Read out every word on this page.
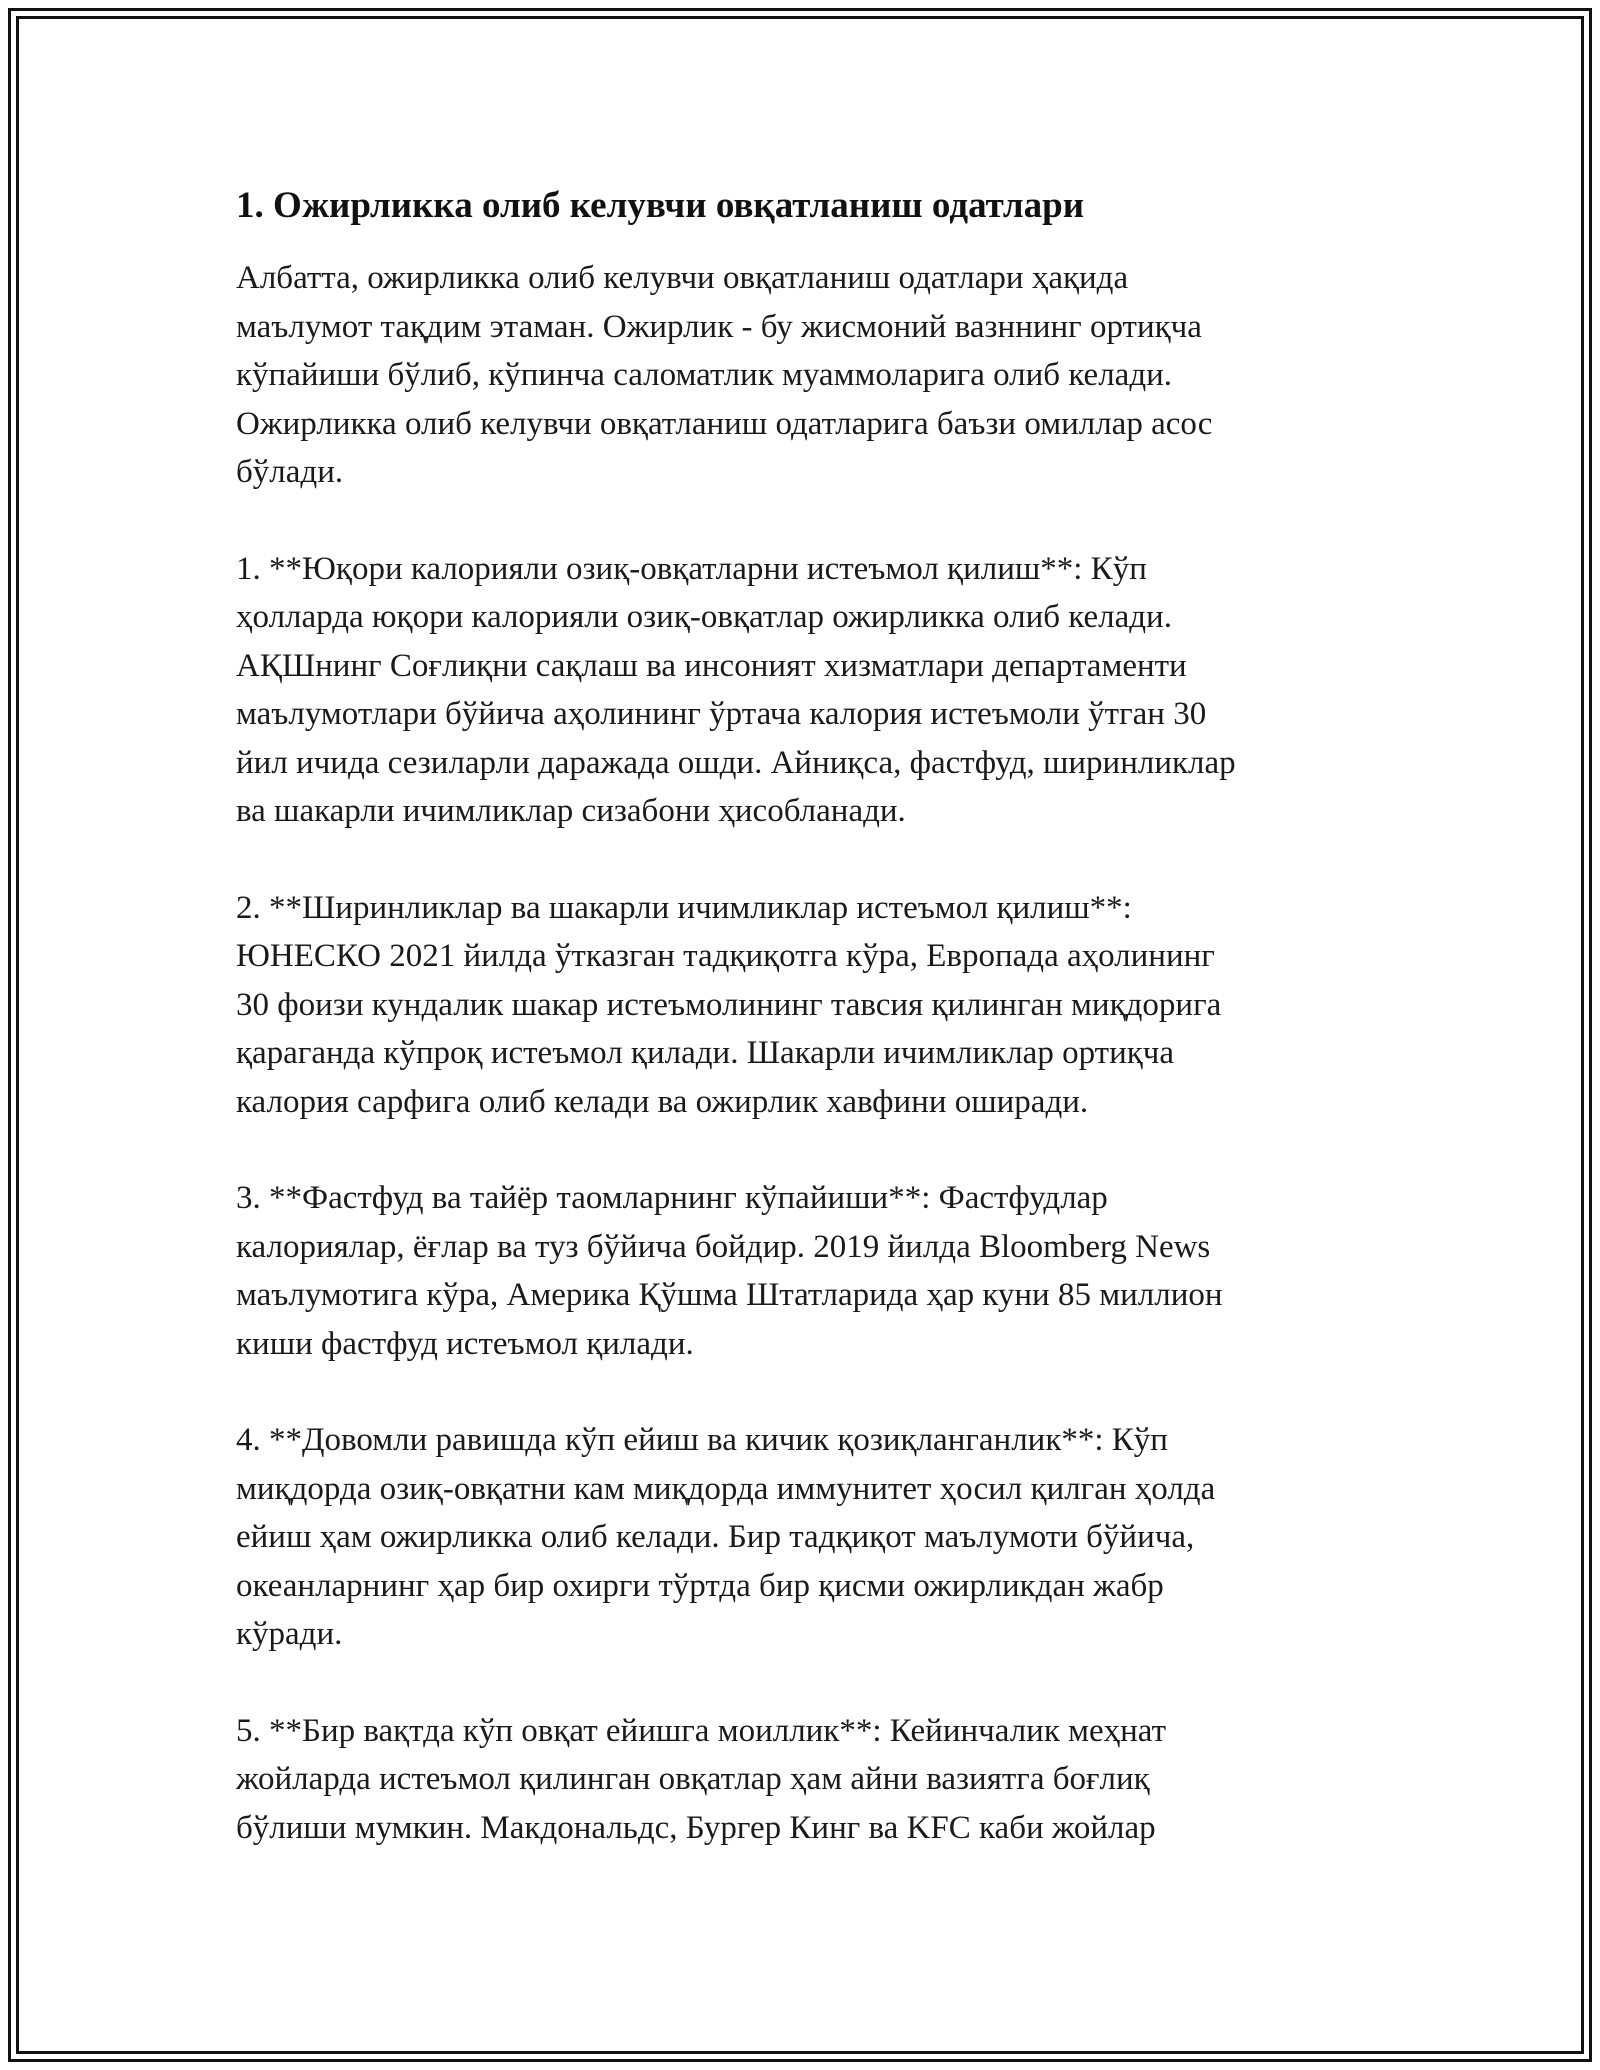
1. Ожирликка олиб келувчи овқатланиш одатлари

Албатта, ожирликка олиб келувчи овқатланиш одатлари ҳақида
маълумот тақдим этаман. Ожирлик - бу жисмоний вазннинг ортиқча
кўпайиши бўлиб, кўпинча саломатлик муаммоларига олиб келади.
Ожирликка олиб келувчи овқатланиш одатларига баъзи омиллар асос
бўлади.

1. **Юқори калорияли озиқ-овқатларни истеъмол қилиш**: Кўп
ҳолларда юқори калорияли озиқ-овқатлар ожирликка олиб келади.
АҚШнинг Соғлиқни сақлаш ва инсоният хизматлари департаменти
маълумотлари бўйича аҳолининг ўртача калория истеъмоли ўтган 30
йил ичида сезиларли даражада ошди. Айниқса, фастфуд, ширинликлар
ва шакарли ичимликлар сизабони ҳисобланади.

2. **Ширинликлар ва шакарли ичимликлар истеъмол қилиш**:
ЮНЕСКО 2021 йилда ўтказган тадқиқотга кўра, Европада аҳолининг
30 фоизи кундалик шакар истеъмолининг тавсия қилинган миқдорига
қараганда кўпроқ истеъмол қилади. Шакарли ичимликлар ортиқча
калория сарфига олиб келади ва ожирлик хавфини оширади.

3. **Фастфуд ва тайёр таомларнинг кўпайиши**: Фастфудлар
калориялар, ёғлар ва туз бўйича бойдир. 2019 йилда Bloomberg News
маълумотига кўра, Америка Қўшма Штатларида ҳар куни 85 миллион
киши фастфуд истеъмол қилади.

4. **Довомли равишда кўп ейиш ва кичик қозиқланганлик**: Кўп
миқдорда озиқ-овқатни кам миқдорда иммунитет ҳосил қилган ҳолда
ейиш ҳам ожирликка олиб келади. Бир тадқиқот маълумоти бўйича,
океанларнинг ҳар бир охирги тўртда бир қисми ожирликдан жабр
кўради.

5. **Бир вақтда кўп овқат ейишга моиллик**: Кейинчалик меҳнат
жойларда истеъмол қилинган овқатлар ҳам айни вазиятга боғлиқ
бўлиши мумкин. Макдональдс, Бургер Кинг ва KFC каби жойлар
